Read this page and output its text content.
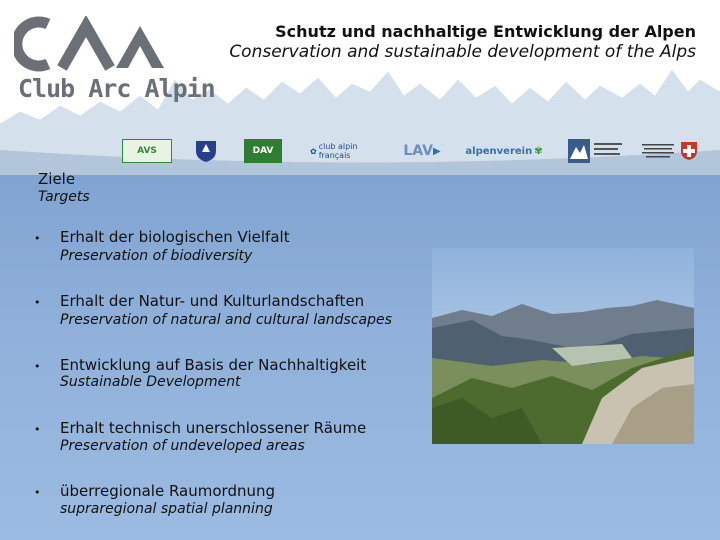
Club Arc Alpin
Schutz und nachhaltige Entwicklung der Alpen
Conservation and sustainable development of the Alps
AVS	DAV	✿ club alpin français	LAV ▶ alpenverein ✾
Ziele
Targets
• Erhalt der biologischen Vielfalt
Preservation of biodiversity
• Erhalt der Natur- und Kulturlandschaften
Preservation of natural and cultural landscapes
• Entwicklung auf Basis der Nachhaltigkeit
Sustainable Development
• Erhalt technisch unerschlossener Räume
Preservation of undeveloped areas
• überregionale Raumordnung
supraregional spatial planning
